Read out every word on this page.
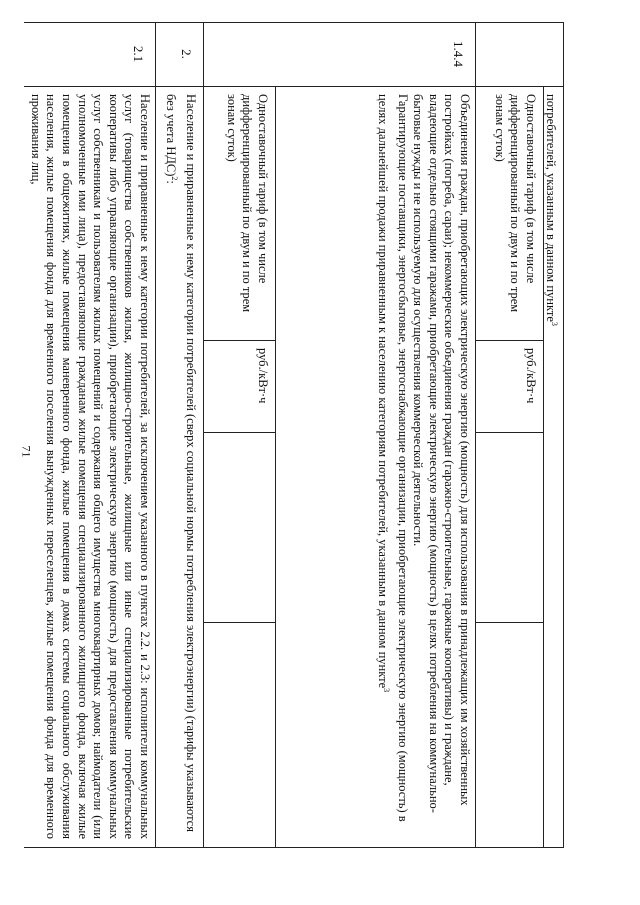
71
потребителей, указанным в данном пункте$^3$
Одноставочный тариф (в том числе дифференцированный по двум и по трем зонам суток)
руб./кВт·ч
1.4.4
Объединения граждан, приобретающих электрическую энергию (мощность) для использования в принадлежащих им хозяйственных постройках (погреба, сараи); некоммерческие объединения граждан (гаражно-строительные, гаражные кооперативы) и граждане, владеющие отдельно стоящими гаражами, приобретающие электрическую энергию (мощность) в целях потребления на коммунально-бытовые нужды и не используемую для осуществления коммерческой деятельности.
Гарантирующие поставщики, энергосбытовые, энергоснабжающие организации, приобретающие электрическую энергию (мощность) в целях дальнейшей продажи приравненным к населению категориям потребителей, указанным в данном пункте$^3$
Одноставочный тариф (в том числе дифференцированный по двум и по трем зонам суток)
руб./кВт·ч
2.
Население и приравненные к нему категории потребителей (сверх социальной нормы потребления электроэнергии) (тарифы указываются без учета НДС)$^2$:
2.1
Население и приравненные к нему категории потребителей, за исключением указанного в пунктах 2.2. и 2.3: исполнители коммунальных услуг (товарищества собственников жилья, жилищно-строительные, жилищные или иные специализированные потребительские кооперативы либо управляющие организации), приобретающие электрическую энергию (мощность) для предоставления коммунальных услуг собственникам и пользователям жилых помещений и содержания общего имущества многоквартирных домов; наймодатели (или уполномоченные ими лица), предоставляющие гражданам жилые помещения специализированного жилищного фонда, включая жилые помещения в общежитиях, жилые помещения маневренного фонда, жилые помещения в домах системы социального обслуживания населения, жилые помещения фонда для временного поселения вынужденных переселенцев, жилые помещения фонда для временного проживания лиц,
